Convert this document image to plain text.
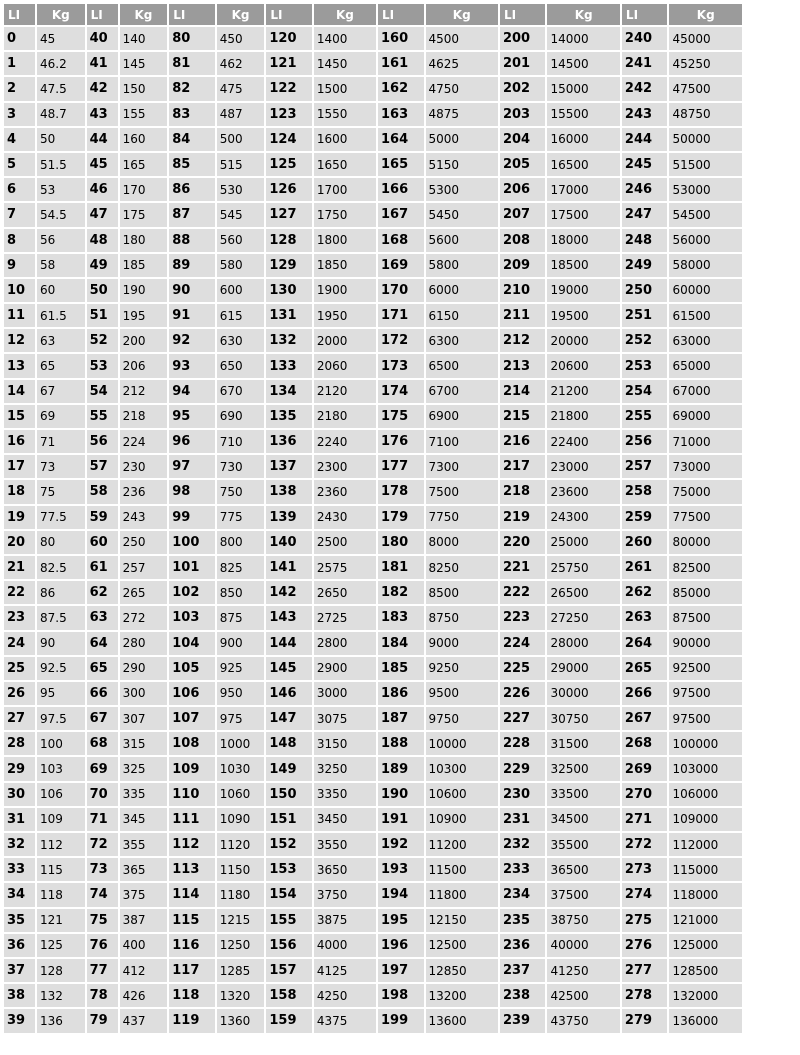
LI	Kg	LI	Kg	LI	Kg	LI	Kg	LI	Kg	LI	Kg	LI	Kg
0	45	40	140	80	450	120	1400	160	4500	200	14000	240	45000
1	46.2	41	145	81	462	121	1450	161	4625	201	14500	241	45250
2	47.5	42	150	82	475	122	1500	162	4750	202	15000	242	47500
3	48.7	43	155	83	487	123	1550	163	4875	203	15500	243	48750
4	50	44	160	84	500	124	1600	164	5000	204	16000	244	50000
5	51.5	45	165	85	515	125	1650	165	5150	205	16500	245	51500
6	53	46	170	86	530	126	1700	166	5300	206	17000	246	53000
7	54.5	47	175	87	545	127	1750	167	5450	207	17500	247	54500
8	56	48	180	88	560	128	1800	168	5600	208	18000	248	56000
9	58	49	185	89	580	129	1850	169	5800	209	18500	249	58000
10	60	50	190	90	600	130	1900	170	6000	210	19000	250	60000
11	61.5	51	195	91	615	131	1950	171	6150	211	19500	251	61500
12	63	52	200	92	630	132	2000	172	6300	212	20000	252	63000
13	65	53	206	93	650	133	2060	173	6500	213	20600	253	65000
14	67	54	212	94	670	134	2120	174	6700	214	21200	254	67000
15	69	55	218	95	690	135	2180	175	6900	215	21800	255	69000
16	71	56	224	96	710	136	2240	176	7100	216	22400	256	71000
17	73	57	230	97	730	137	2300	177	7300	217	23000	257	73000
18	75	58	236	98	750	138	2360	178	7500	218	23600	258	75000
19	77.5	59	243	99	775	139	2430	179	7750	219	24300	259	77500
20	80	60	250	100	800	140	2500	180	8000	220	25000	260	80000
21	82.5	61	257	101	825	141	2575	181	8250	221	25750	261	82500
22	86	62	265	102	850	142	2650	182	8500	222	26500	262	85000
23	87.5	63	272	103	875	143	2725	183	8750	223	27250	263	87500
24	90	64	280	104	900	144	2800	184	9000	224	28000	264	90000
25	92.5	65	290	105	925	145	2900	185	9250	225	29000	265	92500
26	95	66	300	106	950	146	3000	186	9500	226	30000	266	97500
27	97.5	67	307	107	975	147	3075	187	9750	227	30750	267	97500
28	100	68	315	108	1000	148	3150	188	10000	228	31500	268	100000
29	103	69	325	109	1030	149	3250	189	10300	229	32500	269	103000
30	106	70	335	110	1060	150	3350	190	10600	230	33500	270	106000
31	109	71	345	111	1090	151	3450	191	10900	231	34500	271	109000
32	112	72	355	112	1120	152	3550	192	11200	232	35500	272	112000
33	115	73	365	113	1150	153	3650	193	11500	233	36500	273	115000
34	118	74	375	114	1180	154	3750	194	11800	234	37500	274	118000
35	121	75	387	115	1215	155	3875	195	12150	235	38750	275	121000
36	125	76	400	116	1250	156	4000	196	12500	236	40000	276	125000
37	128	77	412	117	1285	157	4125	197	12850	237	41250	277	128500
38	132	78	426	118	1320	158	4250	198	13200	238	42500	278	132000
39	136	79	437	119	1360	159	4375	199	13600	239	43750	279	136000
